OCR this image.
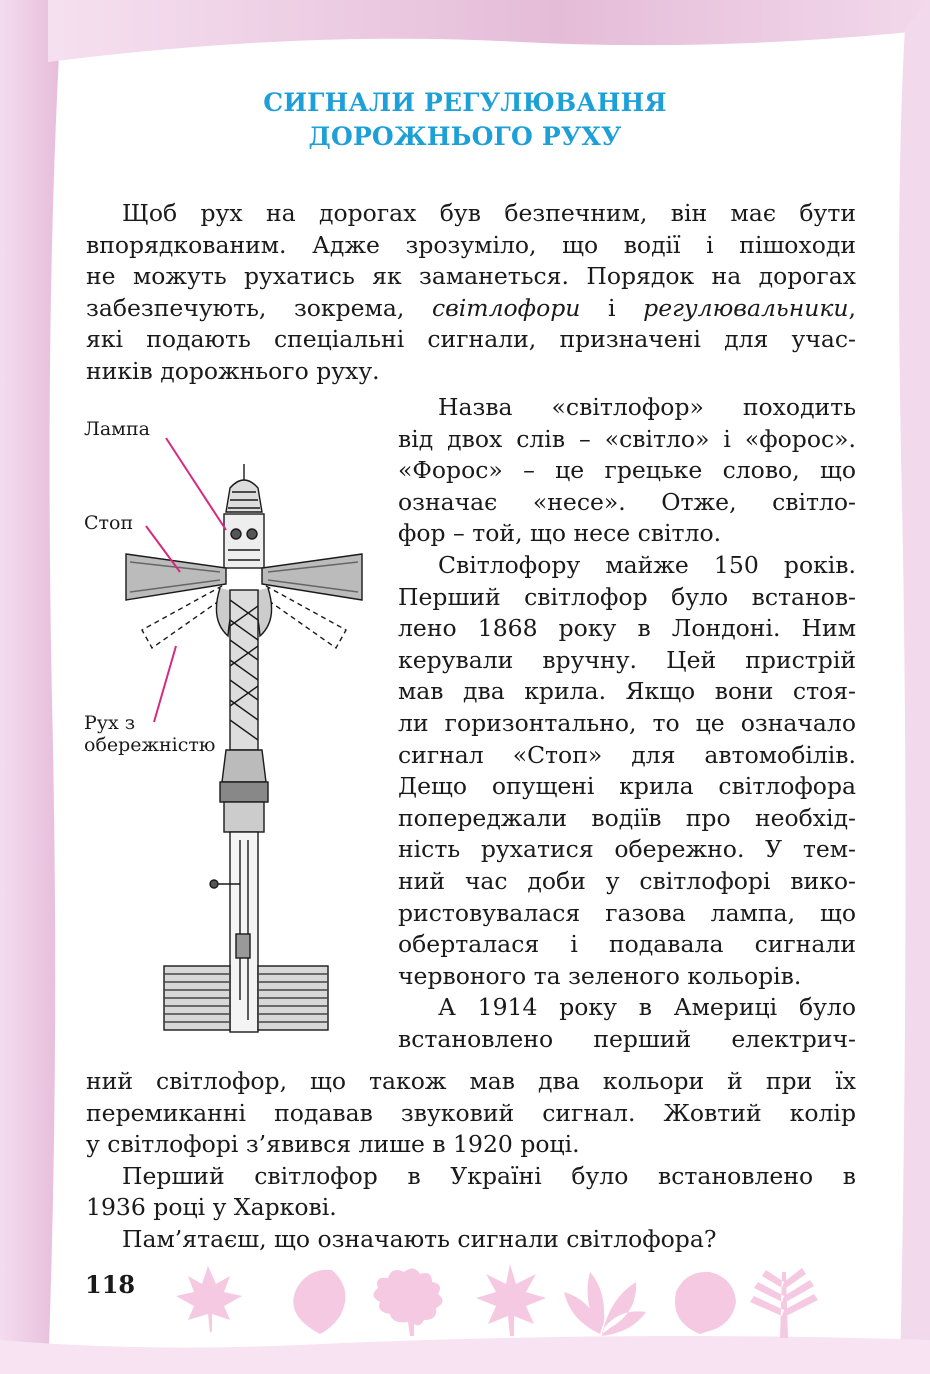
СИГНАЛИ РЕГУЛЮВАННЯ
ДОРОЖНЬОГО РУХУ
Щоб рух на дорогах був безпечним, він має бути
впорядкованим. Адже зрозуміло, що водії і пішоходи
не можуть рухатись як заманеться. Порядок на дорогах
забезпечують, зокрема, світлофори і регулювальники,
які подають спеціальні сигнали, призначені для учас-
ників дорожнього руху.
Назва «світлофор» походить
від двох слів – «світло» і «форос».
«Форос» – це грецьке слово, що
означає «несе». Отже, світло-
фор – той, що несе світло.
Світлофору майже 150 років.
Перший світлофор було встанов-
лено 1868 року в Лондоні. Ним
керували вручну. Цей пристрій
мав два крила. Якщо вони стоя-
ли горизонтально, то це означало
сигнал «Стоп» для автомобілів.
Дещо опущені крила світлофора
попереджали водіїв про необхід-
ність рухатися обережно. У тем-
ний час доби у світлофорі вико-
ристовувалася газова лампа, що
оберталася і подавала сигнали
червоного та зеленого кольорів.
А 1914 року в Америці було
встановлено перший електрич-
ний світлофор, що також мав два кольори й при їх
перемиканні подавав звуковий сигнал. Жовтий колір
у світлофорі з’явився лише в 1920 році.
Перший світлофор в Україні було встановлено в
1936 році у Харкові.
Пам’ятаєш, що означають сигнали світлофора?
Лампа
Стоп
Рух з
обережністю
118
